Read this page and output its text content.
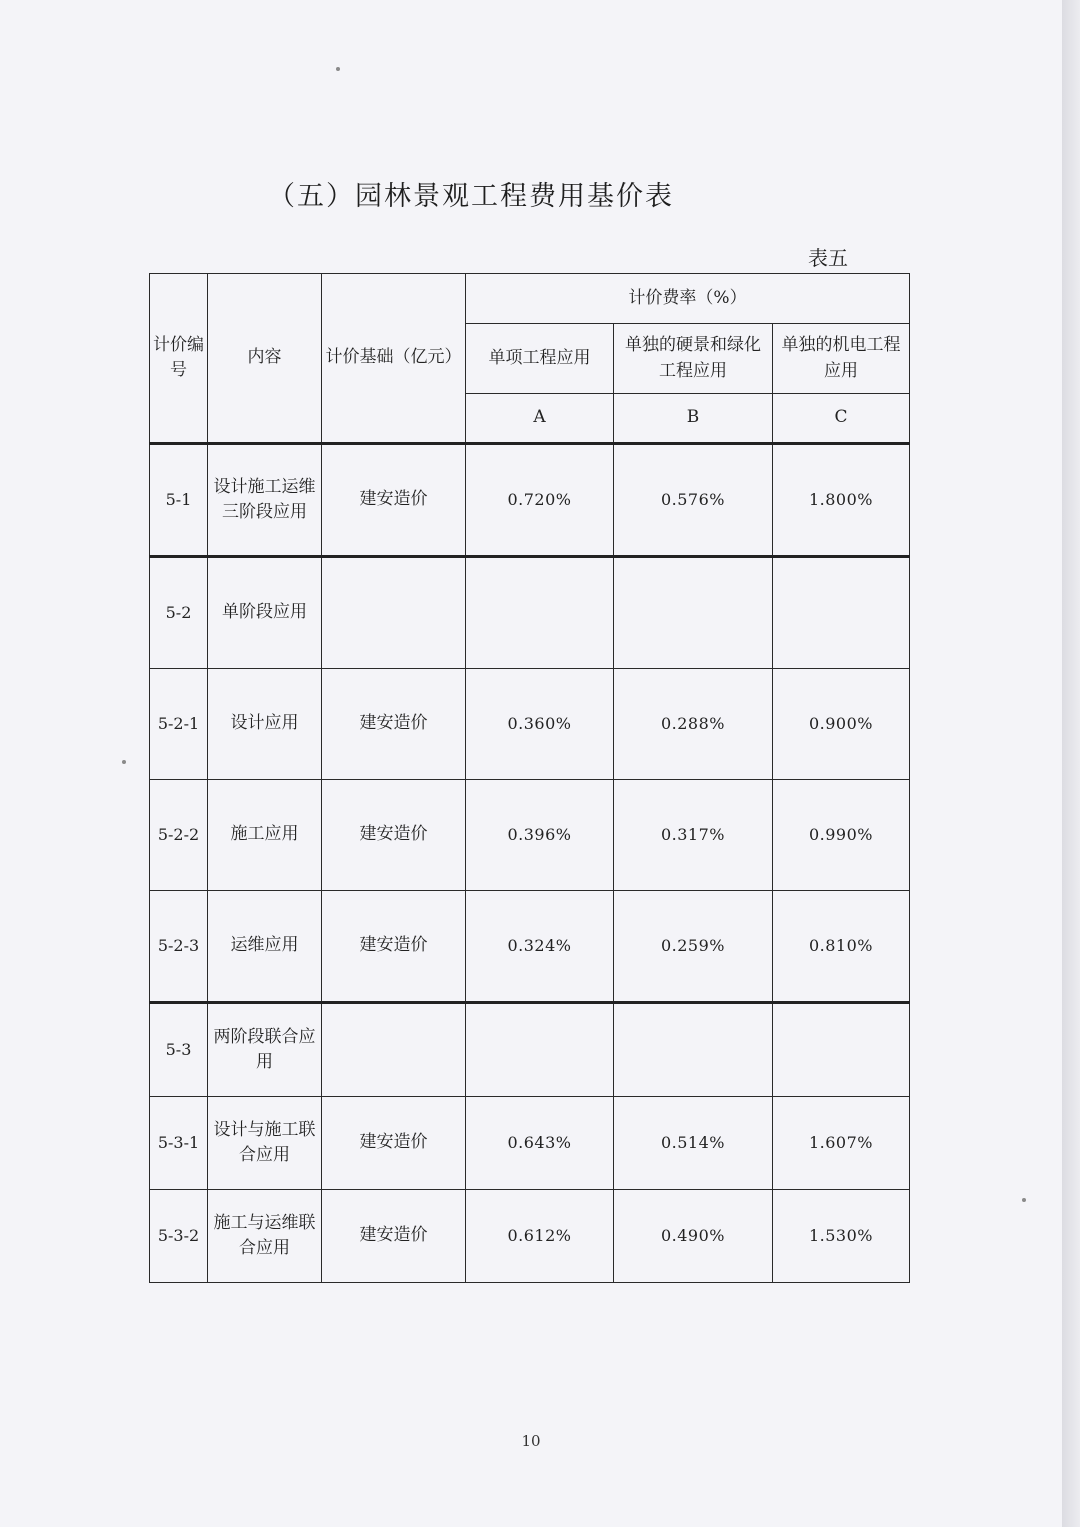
（五）园林景观工程费用基价表
表五
计价编号	内容	计价基础（亿元）	计价费率（%）		
			单项工程应用	单独的硬景和绿化工程应用	单独的机电工程应用
			A	B	C
5-1	设计施工运维三阶段应用	建安造价	0.720%	0.576%	1.800%
5-2	单阶段应用				
5-2-1	设计应用	建安造价	0.360%	0.288%	0.900%
5-2-2	施工应用	建安造价	0.396%	0.317%	0.990%
5-2-3	运维应用	建安造价	0.324%	0.259%	0.810%
5-3	两阶段联合应用				
5-3-1	设计与施工联合应用	建安造价	0.643%	0.514%	1.607%
5-3-2	施工与运维联合应用	建安造价	0.612%	0.490%	1.530%
10
